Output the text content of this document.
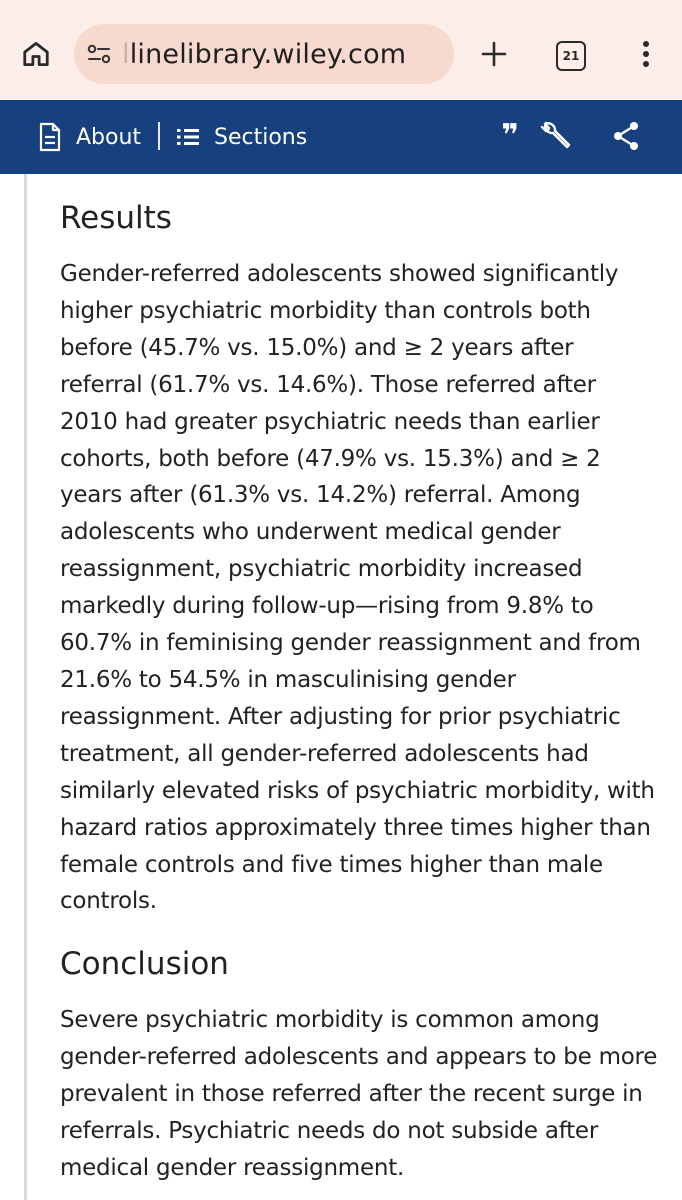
llinelibrary.wiley.com	21
About	Sections	❞
Results

Gender-referred adolescents showed significantly higher psychiatric morbidity than controls both before (45.7% vs. 15.0%) and ≥ 2 years after referral (61.7% vs. 14.6%). Those referred after 2010 had greater psychiatric needs than earlier cohorts, both before (47.9% vs. 15.3%) and ≥ 2 years after (61.3% vs. 14.2%) referral. Among adolescents who underwent medical gender reassignment, psychiatric morbidity increased markedly during follow-up—rising from 9.8% to 60.7% in feminising gender reassignment and from 21.6% to 54.5% in masculinising gender reassignment. After adjusting for prior psychiatric treatment, all gender-referred adolescents had similarly elevated risks of psychiatric morbidity, with hazard ratios approximately three times higher than female controls and five times higher than male controls.

Conclusion

Severe psychiatric morbidity is common among gender-referred adolescents and appears to be more prevalent in those referred after the recent surge in referrals. Psychiatric needs do not subside after medical gender reassignment.
